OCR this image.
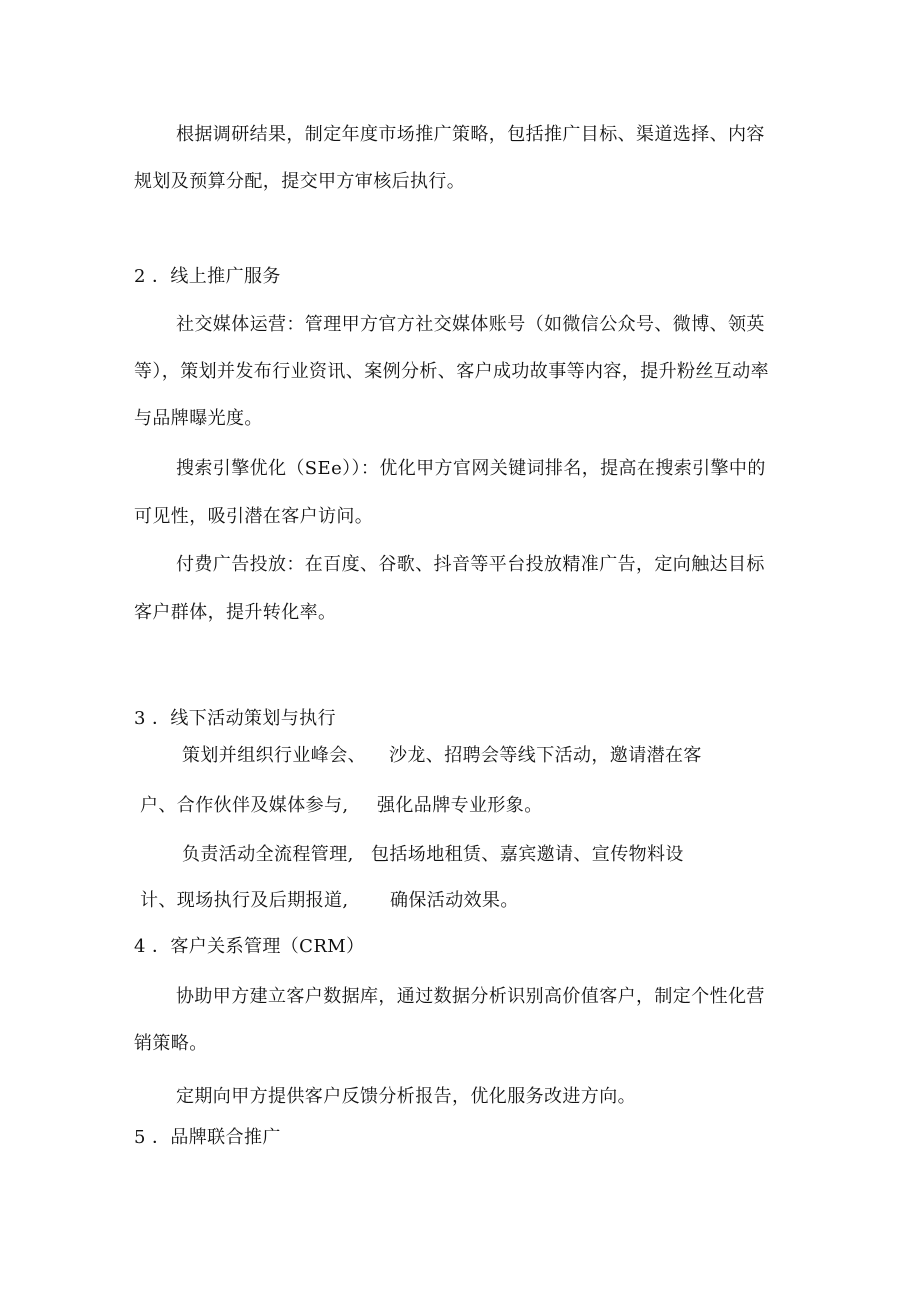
根据调研结果，制定年度市场推广策略，包括推广目标、渠道选择、内容
规划及预算分配，提交甲方审核后执行。
2 ．线上推广服务
社交媒体运营：管理甲方官方社交媒体账号（如微信公众号、微博、领英
等），策划并发布行业资讯、案例分析、客户成功故事等内容，提升粉丝互动率
与品牌曝光度。
搜索引擎优化（SEe））：优化甲方官网关键词排名，提高在搜索引擎中的
可见性，吸引潜在客户访问。
付费广告投放：在百度、谷歌、抖音等平台投放精准广告，定向触达目标
客户群体，提升转化率。
3 ．线下活动策划与执行
策划并组织行业峰会、 沙龙、招聘会等线下活动，邀请潜在客
户、合作伙伴及媒体参与, 强化品牌专业形象。
负责活动全流程管理, 包括场地租赁、嘉宾邀请、宣传物料设
计、现场执行及后期报道, 确保活动效果。
4 ．客户关系管理（CRM）
协助甲方建立客户数据库，通过数据分析识别高价值客户，制定个性化营
销策略。
定期向甲方提供客户反馈分析报告，优化服务改进方向。
5 ．品牌联合推广
